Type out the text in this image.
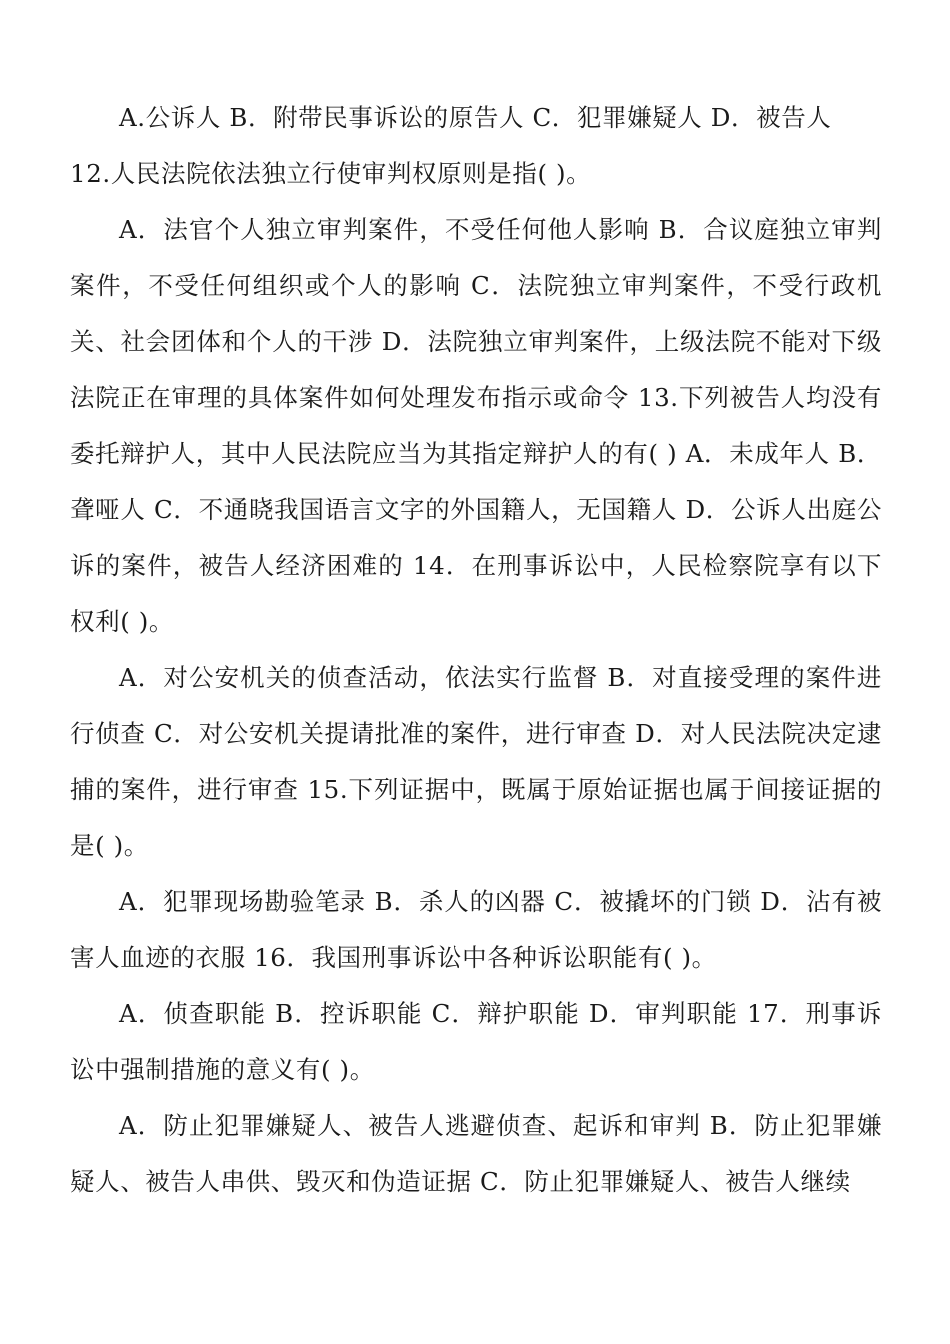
A.公诉人 B．附带民事诉讼的原告人 C．犯罪嫌疑人 D．被告人

12.人民法院依法独立行使审判权原则是指( )。

A．法官个人独立审判案件，不受任何他人影响 B．合议庭独立审判案件，不受任何组织或个人的影响 C．法院独立审判案件，不受行政机关、社会团体和个人的干涉 D．法院独立审判案件，上级法院不能对下级法院正在审理的具体案件如何处理发布指示或命令 13.下列被告人均没有委托辩护人，其中人民法院应当为其指定辩护人的有( ) A．未成年人 B．聋哑人 C．不通晓我国语言文字的外国籍人，无国籍人 D．公诉人出庭公诉的案件，被告人经济困难的 14．在刑事诉讼中，人民检察院享有以下权利( )。

A．对公安机关的侦查活动，依法实行监督 B．对直接受理的案件进行侦查 C．对公安机关提请批准的案件，进行审查 D．对人民法院决定逮捕的案件，进行审查 15.下列证据中，既属于原始证据也属于间接证据的是( )。

A．犯罪现场勘验笔录 B．杀人的凶器 C．被撬坏的门锁 D．沾有被害人血迹的衣服 16．我国刑事诉讼中各种诉讼职能有( )。

A．侦查职能 B．控诉职能 C．辩护职能 D．审判职能 17．刑事诉讼中强制措施的意义有( )。

A．防止犯罪嫌疑人、被告人逃避侦查、起诉和审判 B．防止犯罪嫌疑人、被告人串供、毁灭和伪造证据 C．防止犯罪嫌疑人、被告人继续
